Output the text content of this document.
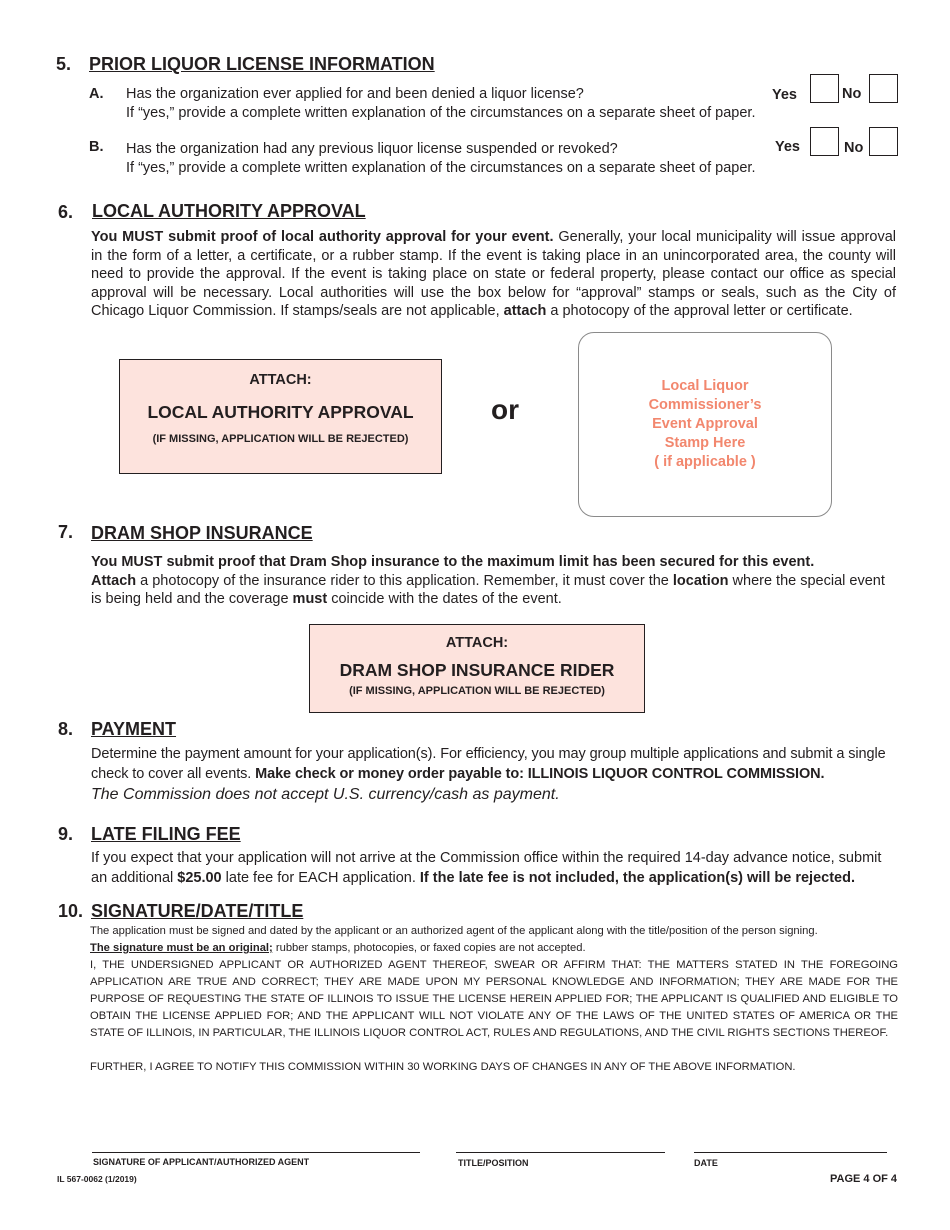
5. PRIOR LIQUOR LICENSE INFORMATION
A. Has the organization ever applied for and been denied a liquor license?
If “yes,” provide a complete written explanation of the circumstances on a separate sheet of paper.
Yes	No
B. Has the organization had any previous liquor license suspended or revoked?
If “yes,” provide a complete written explanation of the circumstances on a separate sheet of paper.
Yes	No
6. LOCAL AUTHORITY APPROVAL
You MUST submit proof of local authority approval for your event. Generally, your local municipality will issue approval in the form of a letter, a certificate, or a rubber stamp. If the event is taking place in an unincorporated area, the county will need to provide the approval. If the event is taking place on state or federal property, please contact our office as special approval will be necessary. Local authorities will use the box below for “approval” stamps or seals, such as the City of Chicago Liquor Commission. If stamps/seals are not applicable, attach a photocopy of the approval letter or certificate.
ATTACH:
LOCAL AUTHORITY APPROVAL
(IF MISSING, APPLICATION WILL BE REJECTED)
or
Local Liquor
Commissioner’s
Event Approval
Stamp Here
( if applicable )
7. DRAM SHOP INSURANCE
You MUST submit proof that Dram Shop insurance to the maximum limit has been secured for this event.
Attach a photocopy of the insurance rider to this application. Remember, it must cover the location where the special event is being held and the coverage must coincide with the dates of the event.
ATTACH:
DRAM SHOP INSURANCE RIDER
(IF MISSING, APPLICATION WILL BE REJECTED)
8. PAYMENT
Determine the payment amount for your application(s). For efficiency, you may group multiple applications and submit a single check to cover all events. Make check or money order payable to: ILLINOIS LIQUOR CONTROL COMMISSION.
The Commission does not accept U.S. currency/cash as payment.
9. LATE FILING FEE
If you expect that your application will not arrive at the Commission office within the required 14-day advance notice, submit an additional $25.00 late fee for EACH application. If the late fee is not included, the application(s) will be rejected.
10. SIGNATURE/DATE/TITLE
The application must be signed and dated by the applicant or an authorized agent of the applicant along with the title/position of the person signing.
The signature must be an original; rubber stamps, photocopies, or faxed copies are not accepted.
I, THE UNDERSIGNED APPLICANT OR AUTHORIZED AGENT THEREOF, SWEAR OR AFFIRM THAT: THE MATTERS STATED IN THE FOREGOING APPLICATION ARE TRUE AND CORRECT; THEY ARE MADE UPON MY PERSONAL KNOWLEDGE AND INFORMATION; THEY ARE MADE FOR THE PURPOSE OF REQUESTING THE STATE OF ILLINOIS TO ISSUE THE LICENSE HEREIN APPLIED FOR; THE APPLICANT IS QUALIFIED AND ELIGIBLE TO OBTAIN THE LICENSE APPLIED FOR; AND THE APPLICANT WILL NOT VIOLATE ANY OF THE LAWS OF THE UNITED STATES OF AMERICA OR THE STATE OF ILLINOIS, IN PARTICULAR, THE ILLINOIS LIQUOR CONTROL ACT, RULES AND REGULATIONS, AND THE CIVIL RIGHTS SECTIONS THEREOF.
FURTHER, I AGREE TO NOTIFY THIS COMMISSION WITHIN 30 WORKING DAYS OF CHANGES IN ANY OF THE ABOVE INFORMATION.
SIGNATURE OF APPLICANT/AUTHORIZED AGENT	TITLE/POSITION	DATE
IL 567-0062 (1/2019)	PAGE 4 OF 4
